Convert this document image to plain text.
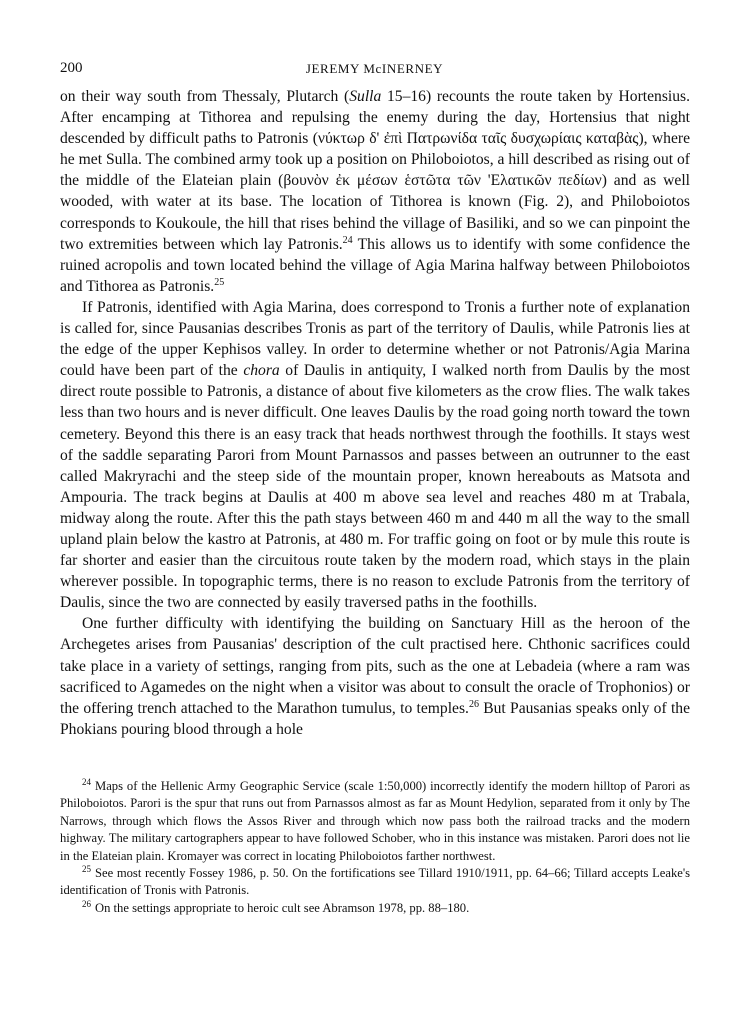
200	JEREMY McINERNEY

on their way south from Thessaly, Plutarch (Sulla 15–16) recounts the route taken by Hortensius. After encamping at Tithorea and repulsing the enemy during the day, Hortensius that night descended by difficult paths to Patronis (νύκτωρ δ' ἐπὶ Πατρωνίδα ταῖς δυσχωρίαις καταβὰς), where he met Sulla. The combined army took up a position on Philoboiotos, a hill described as rising out of the middle of the Elateian plain (βουνὸν ἐκ μέσων ἑστῶτα τῶν 'Ελατικῶν πεδίων) and as well wooded, with water at its base. The location of Tithorea is known (Fig. 2), and Philoboiotos corresponds to Koukoule, the hill that rises behind the village of Basiliki, and so we can pinpoint the two extremities between which lay Patronis.$^{24}$ This allows us to identify with some confidence the ruined acropolis and town located behind the village of Agia Marina halfway between Philoboiotos and Tithorea as Patronis.$^{25}$

If Patronis, identified with Agia Marina, does correspond to Tronis a further note of explanation is called for, since Pausanias describes Tronis as part of the territory of Daulis, while Patronis lies at the edge of the upper Kephisos valley. In order to determine whether or not Patronis/Agia Marina could have been part of the chora of Daulis in antiquity, I walked north from Daulis by the most direct route possible to Patronis, a distance of about five kilometers as the crow flies. The walk takes less than two hours and is never difficult. One leaves Daulis by the road going north toward the town cemetery. Beyond this there is an easy track that heads northwest through the foothills. It stays west of the saddle separating Parori from Mount Parnassos and passes between an outrunner to the east called Makryrachi and the steep side of the mountain proper, known hereabouts as Matsota and Ampouria. The track begins at Daulis at 400 m above sea level and reaches 480 m at Trabala, midway along the route. After this the path stays between 460 m and 440 m all the way to the small upland plain below the kastro at Patronis, at 480 m. For traffic going on foot or by mule this route is far shorter and easier than the circuitous route taken by the modern road, which stays in the plain wherever possible. In topographic terms, there is no reason to exclude Patronis from the territory of Daulis, since the two are connected by easily traversed paths in the foothills.

One further difficulty with identifying the building on Sanctuary Hill as the heroon of the Archegetes arises from Pausanias' description of the cult practised here. Chthonic sacrifices could take place in a variety of settings, ranging from pits, such as the one at Lebadeia (where a ram was sacrificed to Agamedes on the night when a visitor was about to consult the oracle of Trophonios) or the offering trench attached to the Marathon tumulus, to temples.$^{26}$ But Pausanias speaks only of the Phokians pouring blood through a hole

$^{24}$ Maps of the Hellenic Army Geographic Service (scale 1:50,000) incorrectly identify the modern hilltop of Parori as Philoboiotos. Parori is the spur that runs out from Parnassos almost as far as Mount Hedylion, separated from it only by The Narrows, through which flows the Assos River and through which now pass both the railroad tracks and the modern highway. The military cartographers appear to have followed Schober, who in this instance was mistaken. Parori does not lie in the Elateian plain. Kromayer was correct in locating Philoboiotos farther northwest.

$^{25}$ See most recently Fossey 1986, p. 50. On the fortifications see Tillard 1910/1911, pp. 64–66; Tillard accepts Leake's identification of Tronis with Patronis.

$^{26}$ On the settings appropriate to heroic cult see Abramson 1978, pp. 88–180.
